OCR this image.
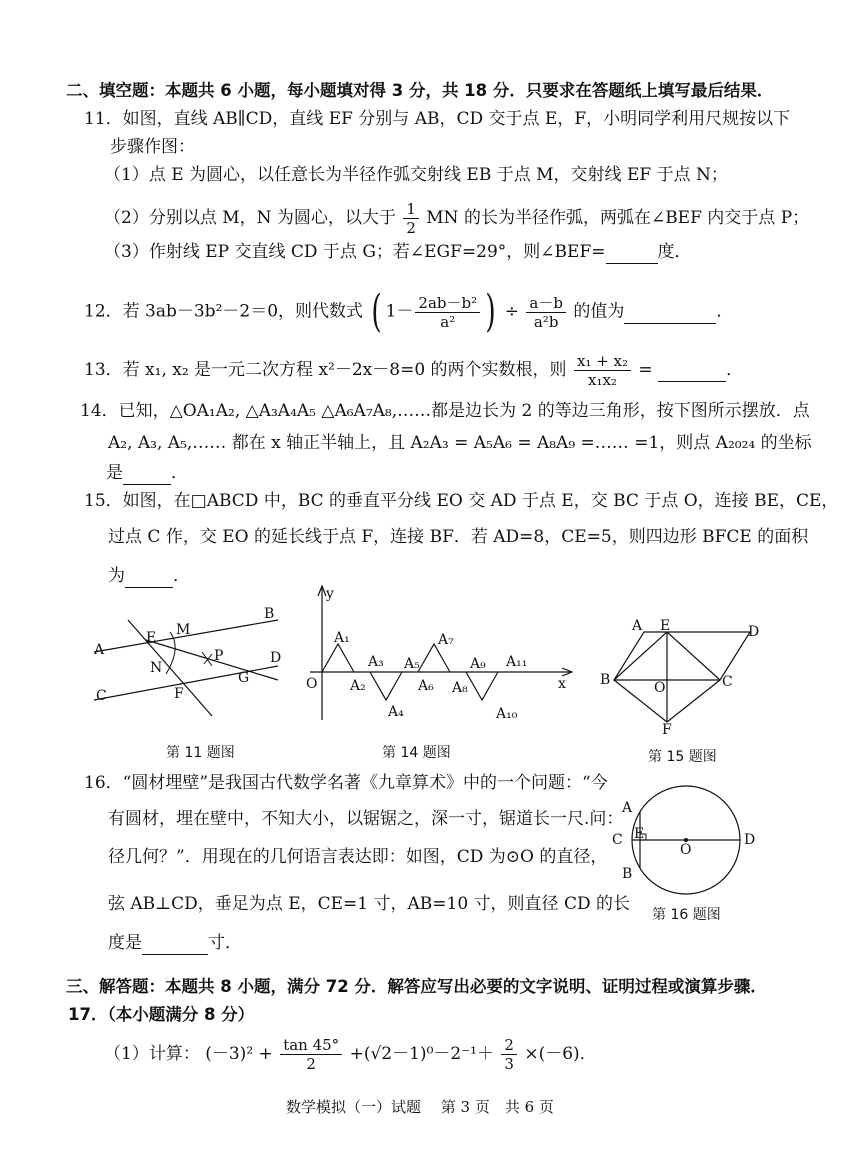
二、填空题：本题共 6 小题，每小题填对得 3 分，共 18 分．只要求在答题纸上填写最后结果．
11．如图，直线 AB∥CD，直线 EF 分别与 AB，CD 交于点 E，F，小明同学利用尺规按以下
步骤作图：
（1）点 E 为圆心，以任意长为半径作弧交射线 EB 于点 M，交射线 EF 于点 N；
（2）分别以点 M，N 为圆心，以大于 $\frac{1}{2}$ MN 的长为半径作弧，两弧在∠BEF 内交于点 P；
（3）作射线 EP 交直线 CD 于点 G；若∠EGF=29°，则∠BEF=	度．
12．若 3ab－3b²－2＝0，则代数式 ( $1- \frac{\text{2ab－b²}}{\text{a²}}$ ) ÷ $\frac{a-b}{\text{a²b}}$ 的值为	．
13．若 x₁, x₂ 是一元二次方程 x²－2x－8=0 的两个实数根，则 $\frac{\text{x₁ + x₂}}{\text{x₁x₂}}$ =	．
14．已知，△OA₁A₂, △A₃A₄A₅ △A₆A₇A₈,……都是边长为 2 的等边三角形，按下图所示摆放．点
A₂, A₃, A₅,…… 都在 x 轴正半轴上，且 A₂A₃ = A₅A₆ = A₈A₉ =…… =1，则点 A₂₀₂₄ 的坐标
是	．
15．如图，在□ABCD 中，BC 的垂直平分线 EO 交 AD 于点 E，交 BC 于点 O，连接 BE，CE，
过点 C 作，交 EO 的延长线于点 F，连接 BF．若 AD=8，CE=5，则四边形 BFCE 的面积
为	．
A
B
C
D
E M
N
P
F
G
第 11 题图
y
x
O
A₁
A₂
A₃
A₄
A₅
A₆
A₇
A₈
A₉
A₁₀
A₁₁
第 14 题图
A E	D
B	O	C
F
第 15 题图
16．“圆材埋壁”是我国古代数学名著《九章算术》中的一个问题：“今
有圆材，埋在壁中，不知大小，以锯锯之，深一寸，锯道长一尺.问：
径几何？”．用现在的几何语言表达即：如图，CD 为⊙O 的直径，
弦 AB⊥CD，垂足为点 E，CE=1 寸，AB=10 寸，则直径 CD 的长
度是	寸．
A
C E
O
D
B
第 16 题图
三、解答题：本题共 8 小题，满分 72 分．解答应写出必要的文字说明、证明过程或演算步骤．
17．（本小题满分 8 分）
（1）计算： $(-3)^2 + \frac{\tan 45^\circ}{2} +(√2-1)^0-2^{-1}+ \frac{2}{3} \times(-6)$．
数学模拟（一）试题　 第 3 页　共 6 页
